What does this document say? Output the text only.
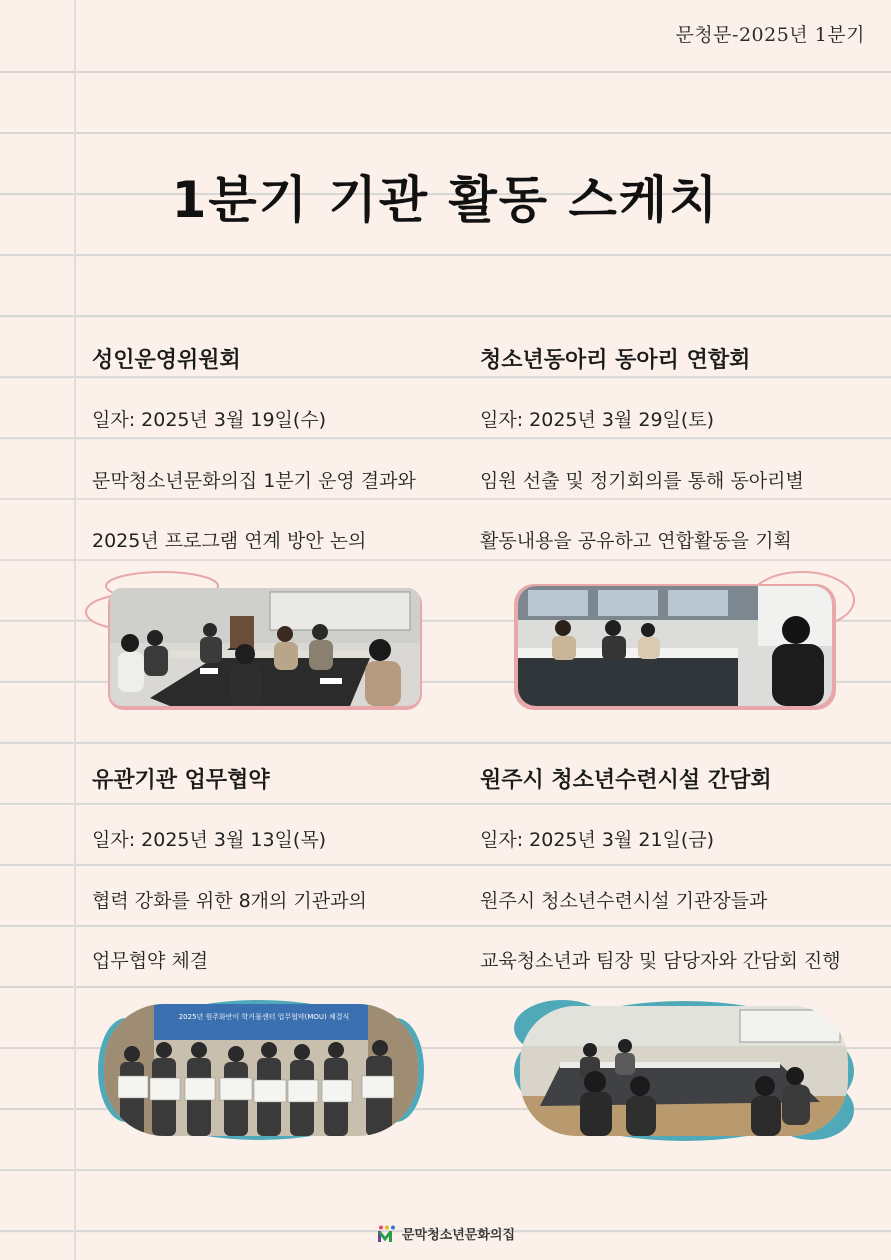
문청문-2025년 1분기
1분기 기관 활동 스케치
성인운영위원회
일자: 2025년 3월 19일(수)
문막청소년문화의집 1분기 운영 결과와
2025년 프로그램 연계 방안 논의
청소년동아리 동아리 연합회
일자: 2025년 3월 29일(토)
임원 선출 및 정기회의를 통해 동아리별
활동내용을 공유하고 연합활동을 기획
유관기관 업무협약
일자: 2025년 3월 13일(목)
협력 강화를 위한 8개의 기관과의
업무협약 체결
원주시 청소년수련시설 간담회
일자: 2025년 3월 21일(금)
원주시 청소년수련시설 기관장들과
교육청소년과 팀장 및 담당자와 간담회 진행
2025년 원주화반이 학거물센터 업무협약(MOU) 체결식
문막청소년문화의집
